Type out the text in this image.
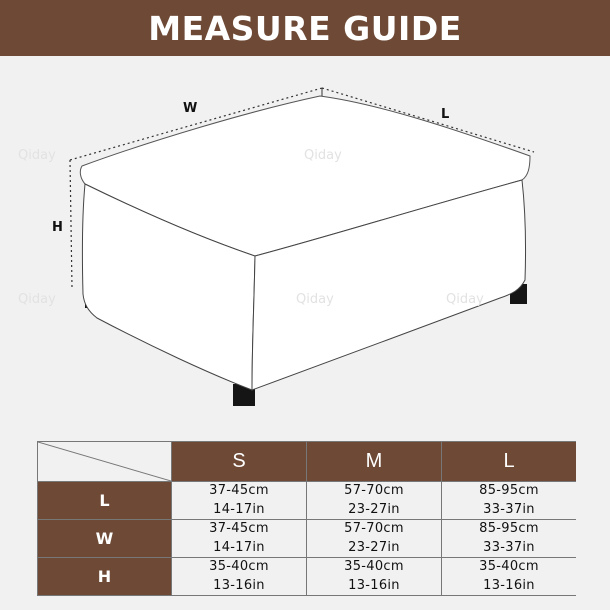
MEASURE GUIDE
W	L
H
Qiday	Qiday
Qiday	Qiday	Qiday
	S	M	L
L	37-45cm	57-70cm	85-95cm
	14-17in	23-27in	33-37in
W	37-45cm	57-70cm	85-95cm
	14-17in	23-27in	33-37in
H	35-40cm	35-40cm	35-40cm
	13-16in	13-16in	13-16in
